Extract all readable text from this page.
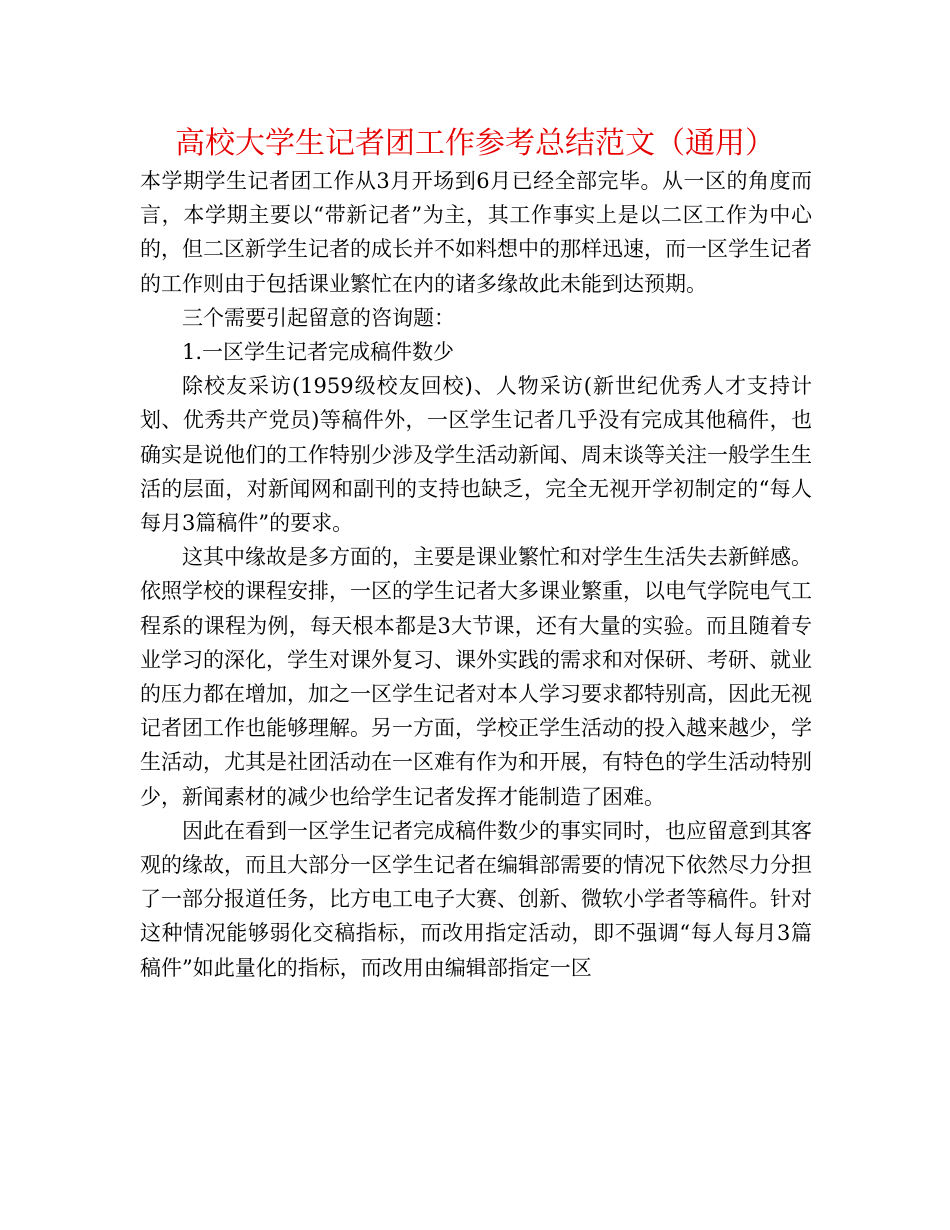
高校大学生记者团工作参考总结范文（通用）

本学期学生记者团工作从3月开场到6月已经全部完毕。从一区的角度而言，本学期主要以“带新记者”为主，其工作事实上是以二区工作为中心的，但二区新学生记者的成长并不如料想中的那样迅速，而一区学生记者的工作则由于包括课业繁忙在内的诸多缘故此未能到达预期。

三个需要引起留意的咨询题：

1.一区学生记者完成稿件数少

除校友采访(1959级校友回校)、人物采访(新世纪优秀人才支持计划、优秀共产党员)等稿件外，一区学生记者几乎没有完成其他稿件，也确实是说他们的工作特别少涉及学生活动新闻、周末谈等关注一般学生生活的层面，对新闻网和副刊的支持也缺乏，完全无视开学初制定的“每人每月3篇稿件”的要求。

这其中缘故是多方面的，主要是课业繁忙和对学生生活失去新鲜感。依照学校的课程安排，一区的学生记者大多课业繁重，以电气学院电气工程系的课程为例，每天根本都是3大节课，还有大量的实验。而且随着专业学习的深化，学生对课外复习、课外实践的需求和对保研、考研、就业的压力都在增加，加之一区学生记者对本人学习要求都特别高，因此无视记者团工作也能够理解。另一方面，学校正学生活动的投入越来越少，学生活动，尤其是社团活动在一区难有作为和开展，有特色的学生活动特别少，新闻素材的减少也给学生记者发挥才能制造了困难。

因此在看到一区学生记者完成稿件数少的事实同时，也应留意到其客观的缘故，而且大部分一区学生记者在编辑部需要的情况下依然尽力分担了一部分报道任务，比方电工电子大赛、创新、微软小学者等稿件。针对这种情况能够弱化交稿指标，而改用指定活动，即不强调“每人每月3篇稿件”如此量化的指标，而改用由编辑部指定一区
